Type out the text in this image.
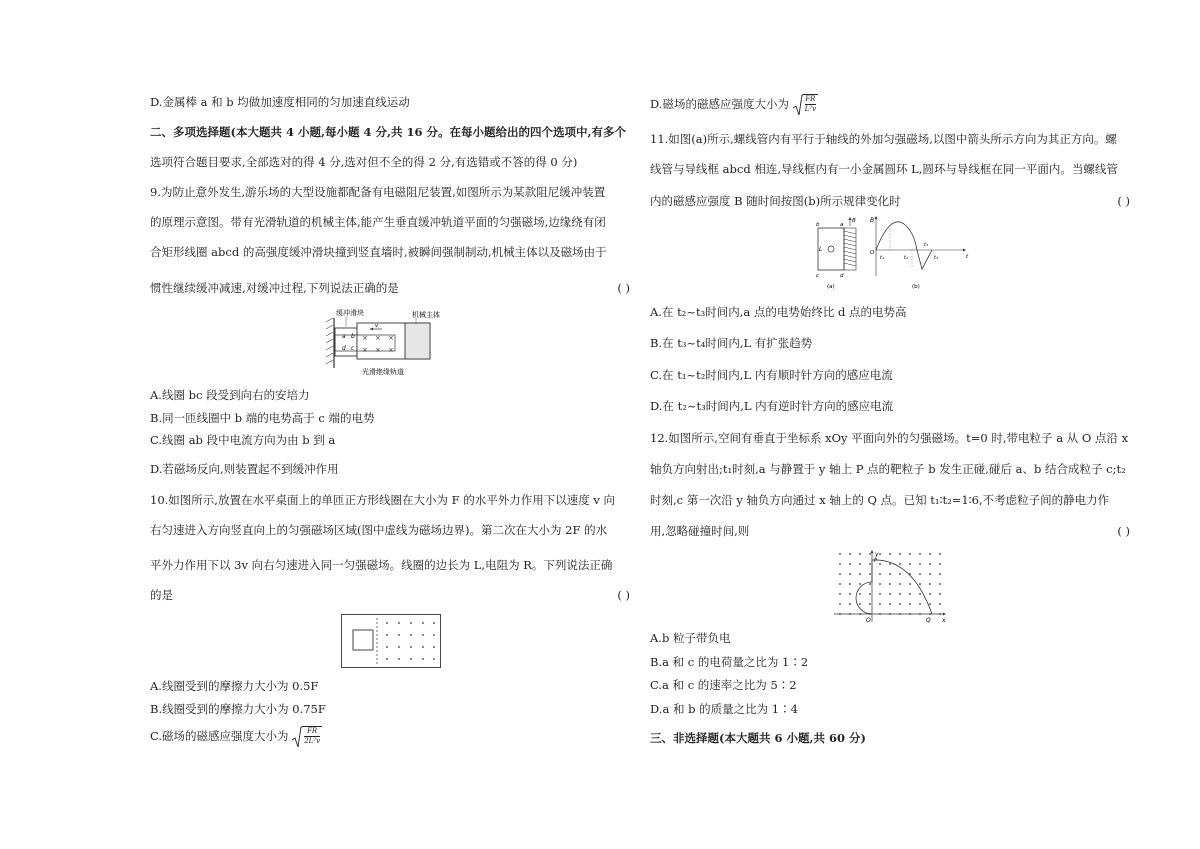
D.金属棒 a 和 b 均做加速度相同的匀加速直线运动
二、多项选择题(本大题共 4 小题,每小题 4 分,共 16 分。在每小题给出的四个选项中,有多个
选项符合题目要求,全部选对的得 4 分,选对但不全的得 2 分,有选错或不答的得 0 分)
9.为防止意外发生,游乐场的大型设施都配备有电磁阻尼装置,如图所示为某款阻尼缓冲装置
的原理示意图。带有光滑轨道的机械主体,能产生垂直缓冲轨道平面的匀强磁场,边缘绕有闭
合矩形线圈 abcd 的高强度缓冲滑块撞到竖直墙时,被瞬间强制制动,机械主体以及磁场由于
惯性继续缓冲减速,对缓冲过程,下列说法正确的是	( )
a b
d c
× × ×
× × ×
v
缓冲滑块	机械主体
光滑绝缘轨道
A.线圈 bc 段受到向右的安培力
B.同一匝线圈中 b 端的电势高于 c 端的电势
C.线圈 ab 段中电流方向为由 b 到 a
D.若磁场反向,则装置起不到缓冲作用
10.如图所示,放置在水平桌面上的单匝正方形线圈在大小为 F 的水平外力作用下以速度 v 向
右匀速进入方向竖直向上的匀强磁场区域(图中虚线为磁场边界)。第二次在大小为 2F 的水
平外力作用下以 3v 向右匀速进入同一匀强磁场。线圈的边长为 L,电阻为 R。下列说法正确
的是	( )
A.线圈受到的摩擦力大小为 0.5F
B.线圈受到的摩擦力大小为 0.75F
C.磁场的磁感应强度大小为 $\frac{FR}{\text{2L²v}}$
D.磁场的磁感应强度大小为 $\frac{FR}{\text{L²v}}$
11.如图(a)所示,螺线管内有平行于轴线的外加匀强磁场,以图中箭头所示方向为其正方向。螺
线管与导线框 abcd 相连,导线框内有一小金属圆环 L,圆环与导线框在同一平面内。当螺线管
内的磁感应强度 B 随时间按图(b)所示规律变化时	( )
L
b
c
a
d
B
(a)
B
O
t
t₁	t₂
t₃
t₄
(b)
A.在 t₂~t₃时间内,a 点的电势始终比 d 点的电势高
B.在 t₃~t₄时间内,L 有扩张趋势
C.在 t₁~t₂时间内,L 内有顺时针方向的感应电流
D.在 t₂~t₃时间内,L 内有逆时针方向的感应电流
12.如图所示,空间有垂直于坐标系 xOy 平面向外的匀强磁场。t=0 时,带电粒子 a 从 O 点沿 x
轴负方向射出;t₁时刻,a 与静置于 y 轴上 P 点的靶粒子 b 发生正碰,碰后 a、b 结合成粒子 c;t₂
时刻,c 第一次沿 y 轴负方向通过 x 轴上的 Q 点。已知 t₁∶t₂=1∶6,不考虑粒子间的静电力作
用,忽略碰撞时间,则	( )
y
x
O
P
Q
A.b 粒子带负电
B.a 和 c 的电荷量之比为 1∶2
C.a 和 c 的速率之比为 5∶2
D.a 和 b 的质量之比为 1∶4
三、非选择题(本大题共 6 小题,共 60 分)
